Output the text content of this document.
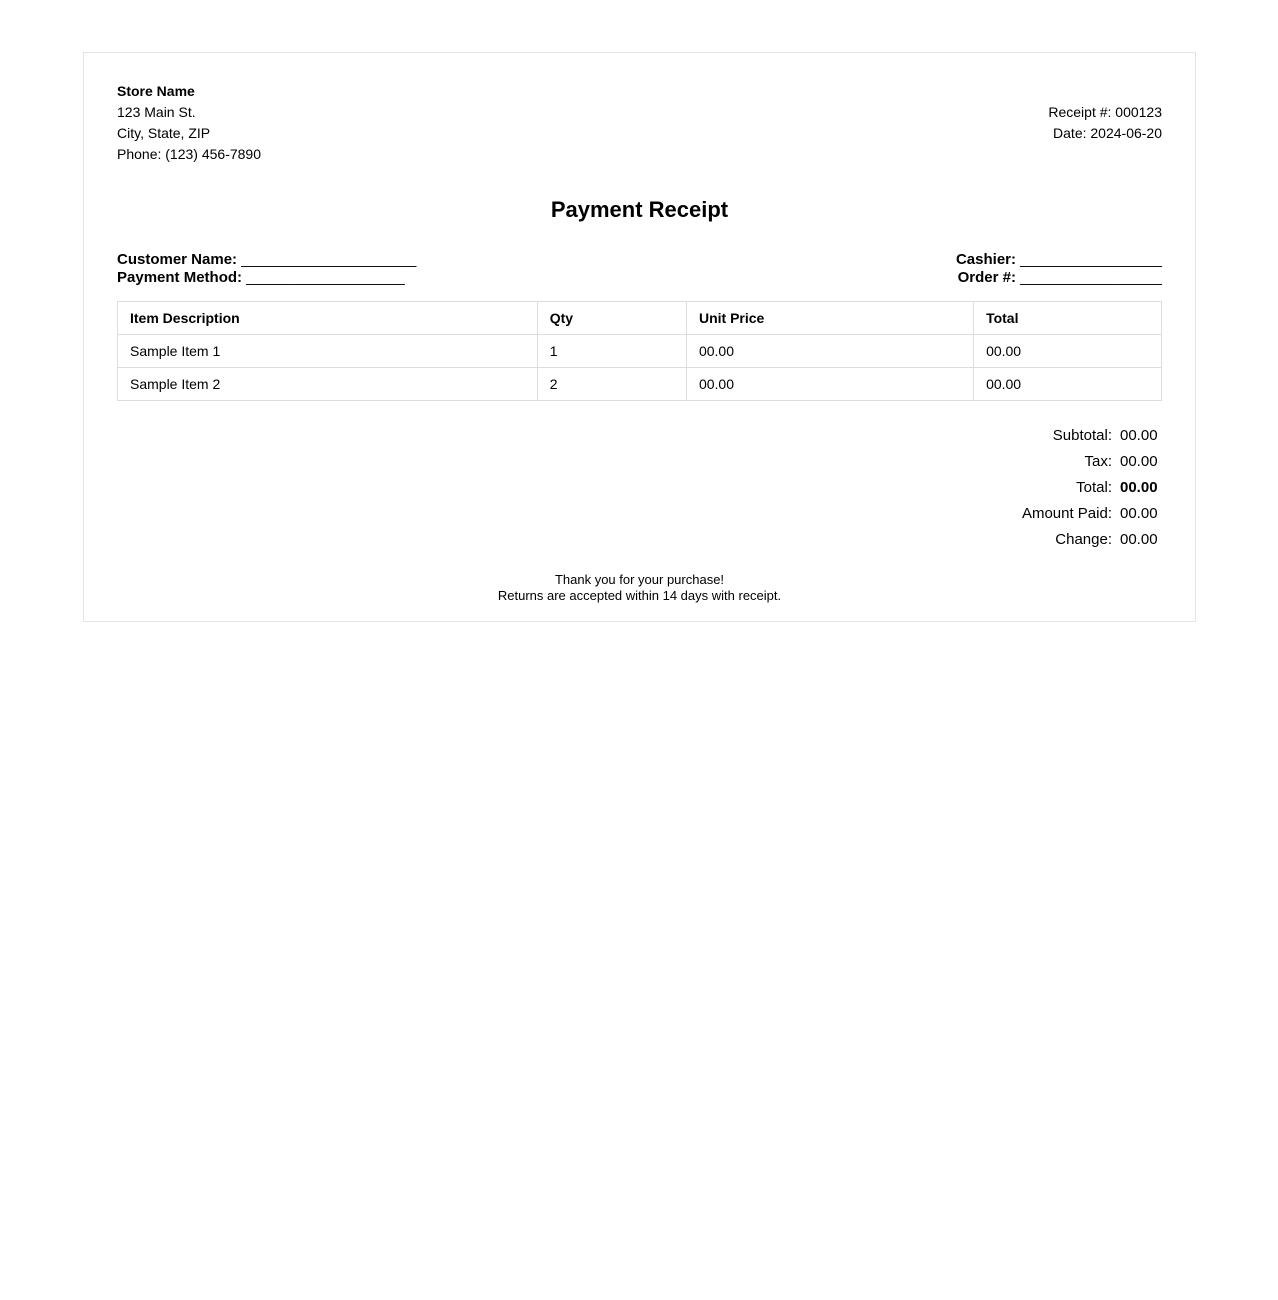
Store Name
123 Main St.
City, State, ZIP
Phone: (123) 456-7890
Receipt #: 000123
Date: 2024-06-20
Payment Receipt
Customer Name: _____________________
Payment Method: ___________________
Cashier: _________________
Order #: _________________
Item Description	Qty	Unit Price	Total
Sample Item 1	1	00.00	00.00
Sample Item 2	2	00.00	00.00
Subtotal: 00.00
Tax: 00.00
Total: 00.00
Amount Paid: 00.00
Change: 00.00
Thank you for your purchase!
Returns are accepted within 14 days with receipt.
